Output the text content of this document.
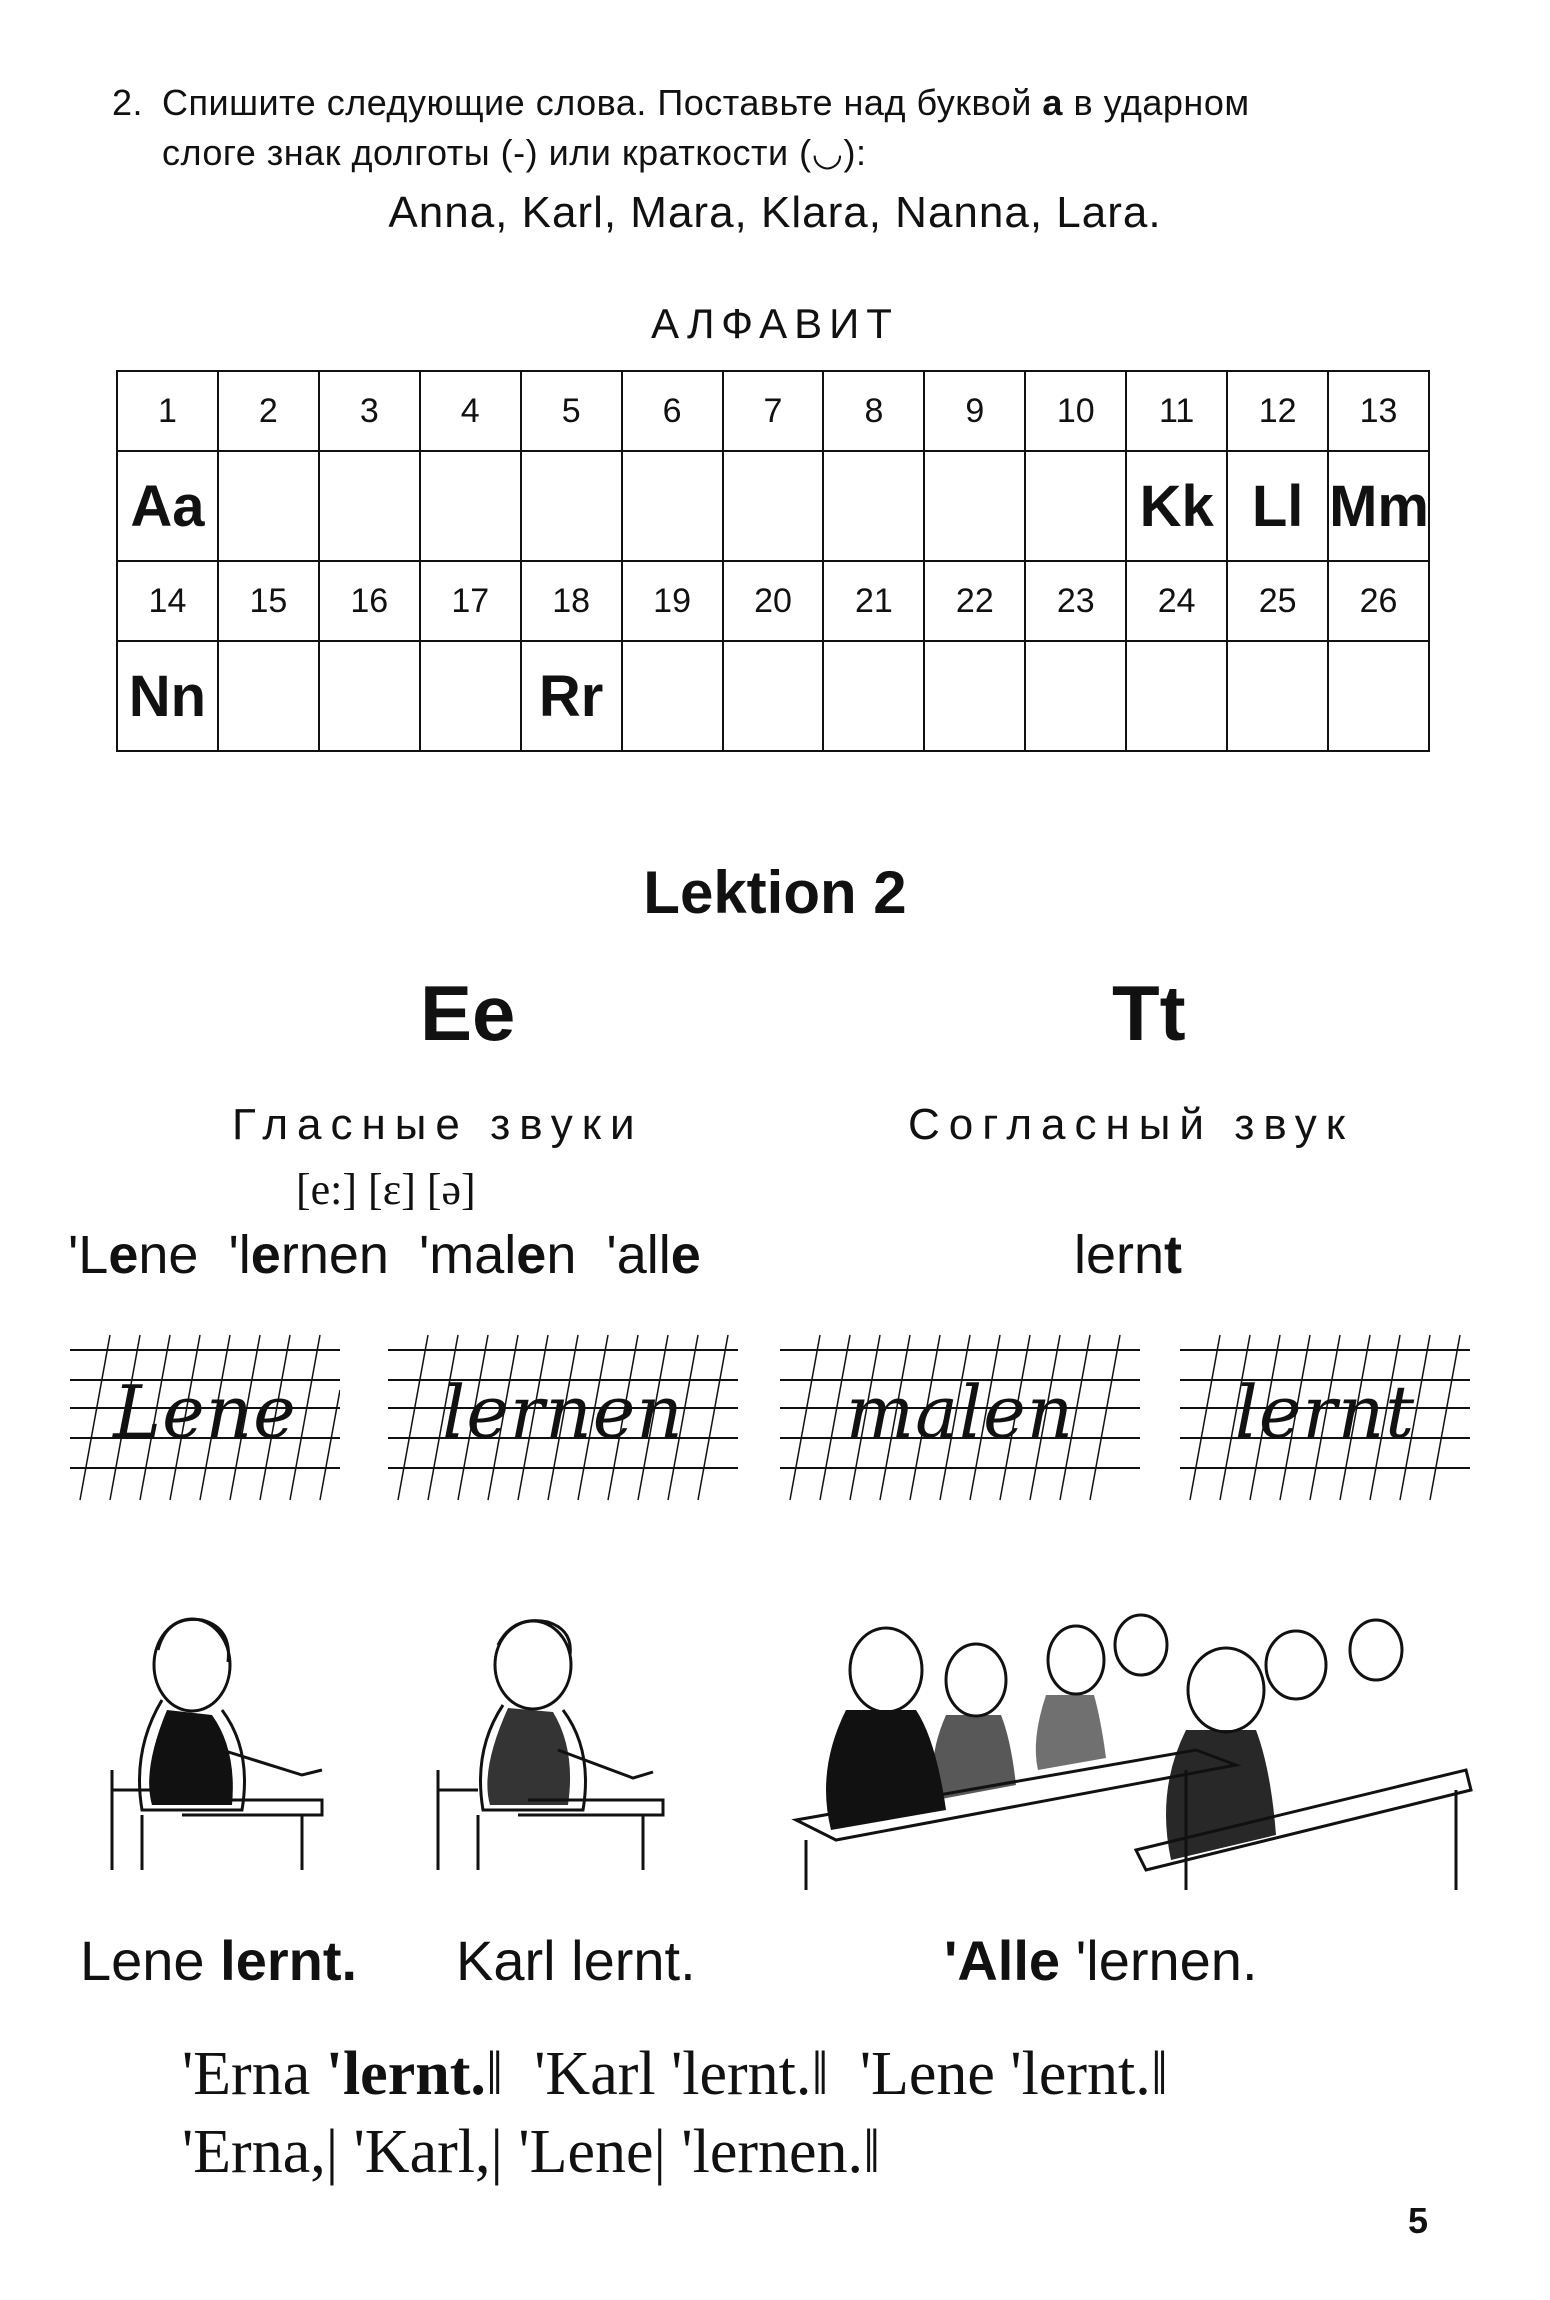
2. Спишите следующие слова. Поставьте над буквой a в ударном
слоге знак долготы (-) или краткости (◡):
Anna, Karl, Mara, Klara, Nanna, Lara.
АЛФАВИТ
1	2	3	4	5	6	7	8	9	10	11	12	13
Aa										Kk	Ll	Mm
14	15	16	17	18	19	20	21	22	23	24	25	26
Nn				Rr								
Lektion 2
Ee	Tt
Гласные звуки	Согласный звук
[e:] [ɛ] [ə]
'Lene 'lernen 'malen 'alle	lernt
Lene	lernen	malen	lernt
Lene lernt. Karl lernt.	'Alle 'lernen.
'Erna 'lernt.‖  'Karl 'lernt.‖  'Lene 'lernt.‖
'Erna,| 'Karl,| 'Lene| 'lernen.‖
5
